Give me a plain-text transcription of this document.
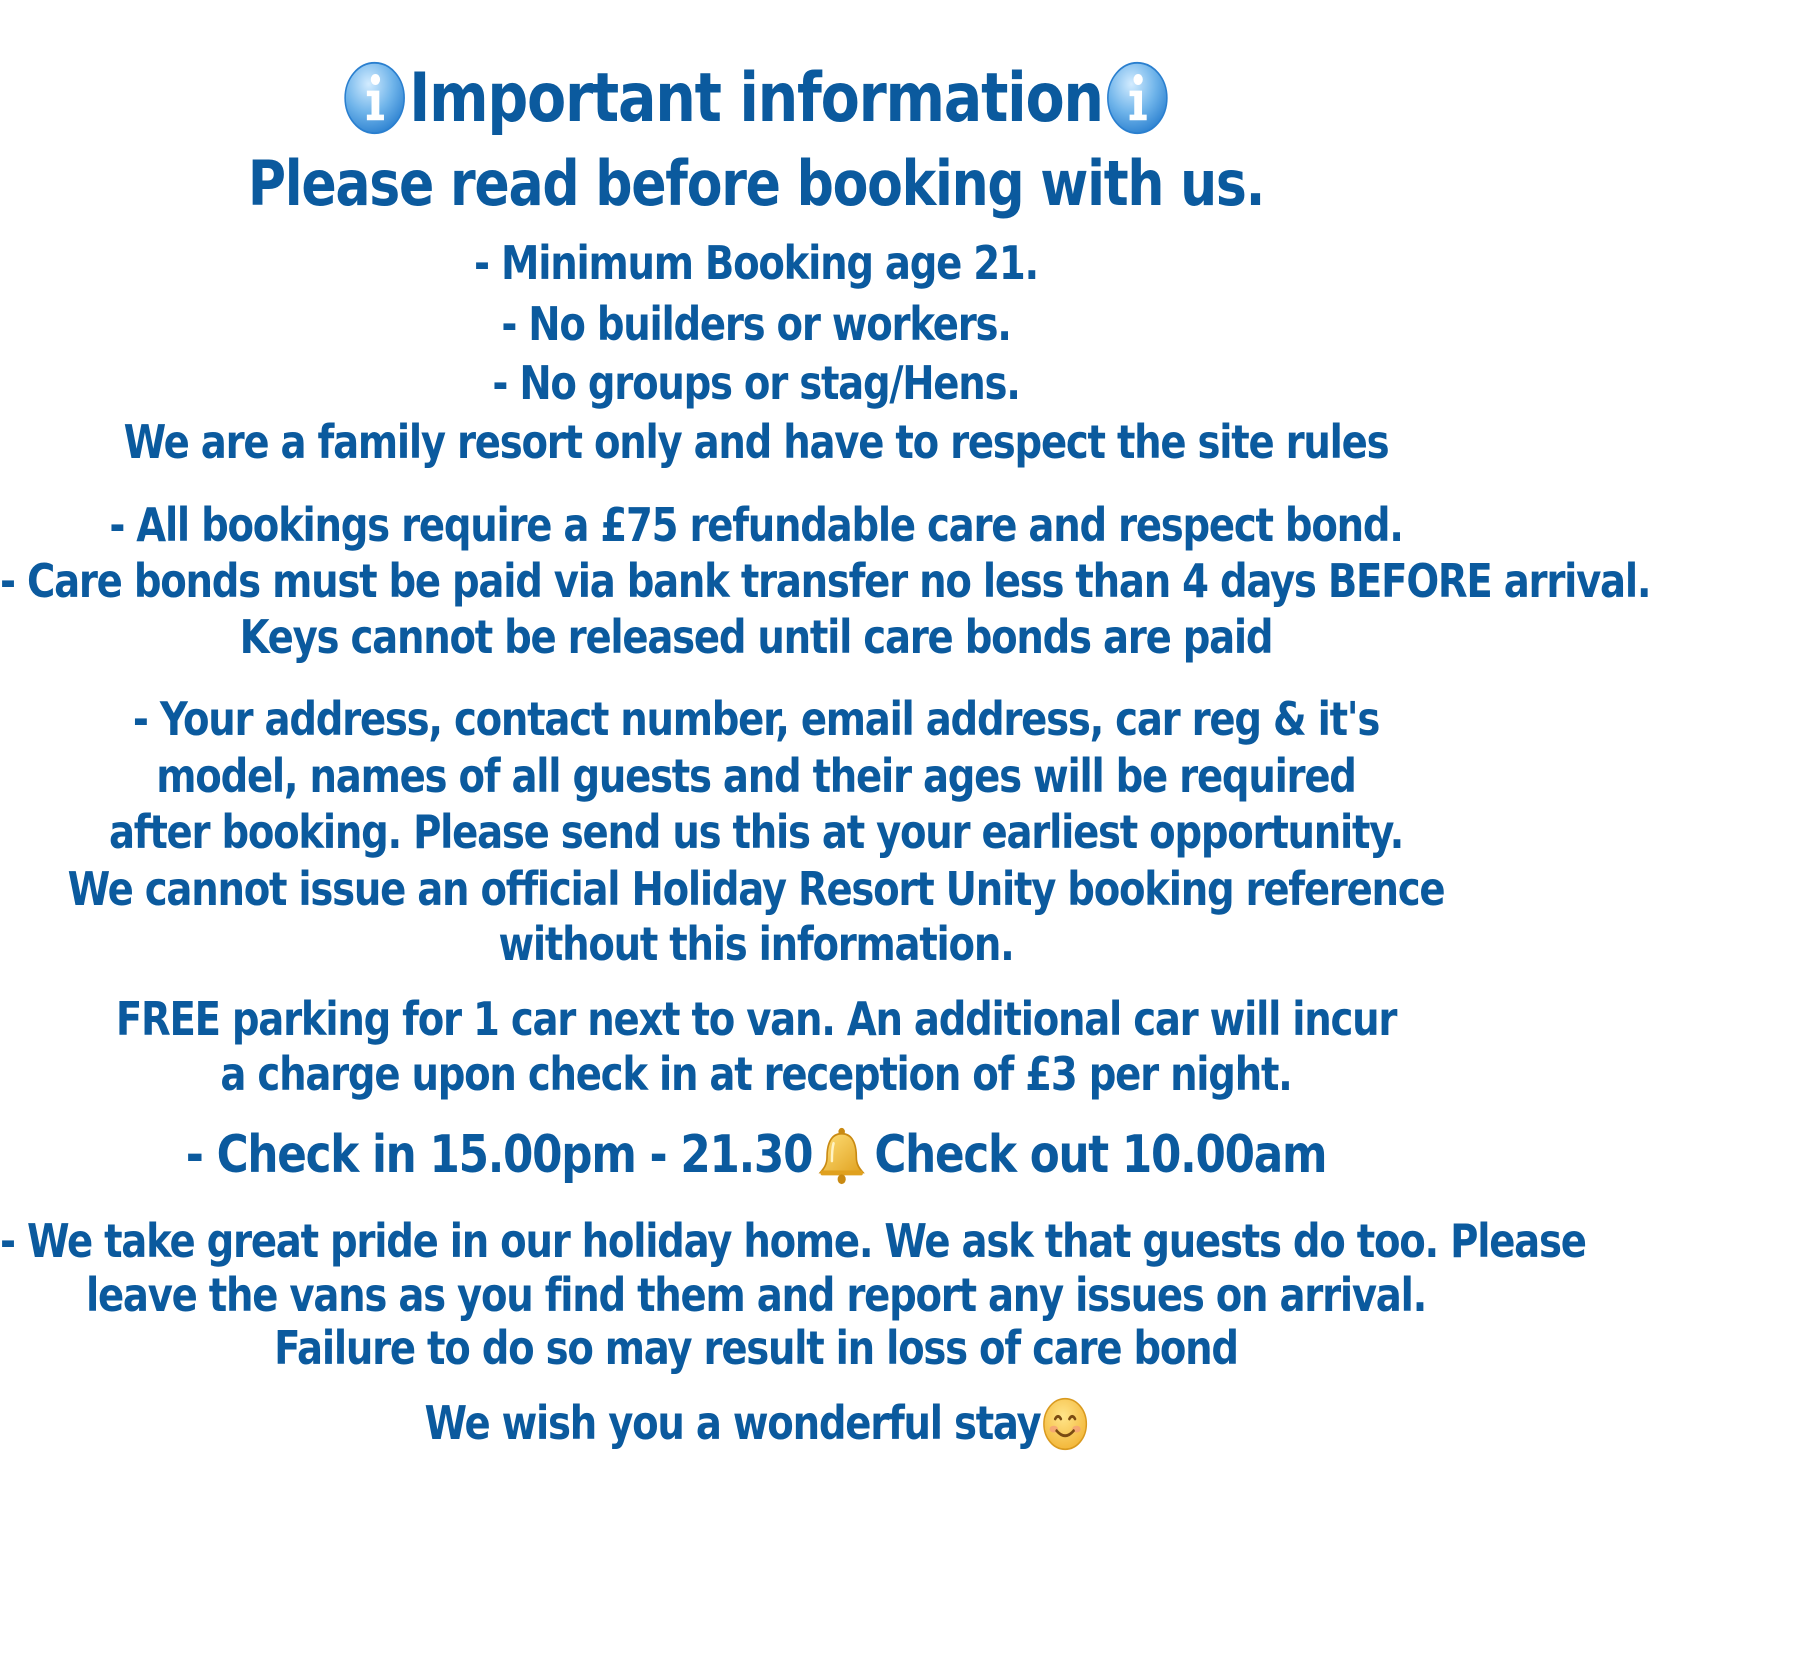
Important information
Please read before booking with us.
- Minimum Booking age 21.
- No builders or workers.
- No groups or stag/Hens.
We are a family resort only and have to respect the site rules
- All bookings require a £75 refundable care and respect bond.
- Care bonds must be paid via bank transfer no less than 4 days BEFORE arrival.
Keys cannot be released until care bonds are paid
- Your address, contact number, email address, car reg & it's
model, names of all guests and their ages will be required
after booking. Please send us this at your earliest opportunity.
We cannot issue an official Holiday Resort Unity booking reference
without this information.
FREE parking for 1 car next to van. An additional car will incur
a charge upon check in at reception of £3 per night.
- Check in 15.00pm - 21.30 Check out 10.00am
- We take great pride in our holiday home. We ask that guests do too. Please
leave the vans as you find them and report any issues on arrival.
Failure to do so may result in loss of care bond
We wish you a wonderful stay
